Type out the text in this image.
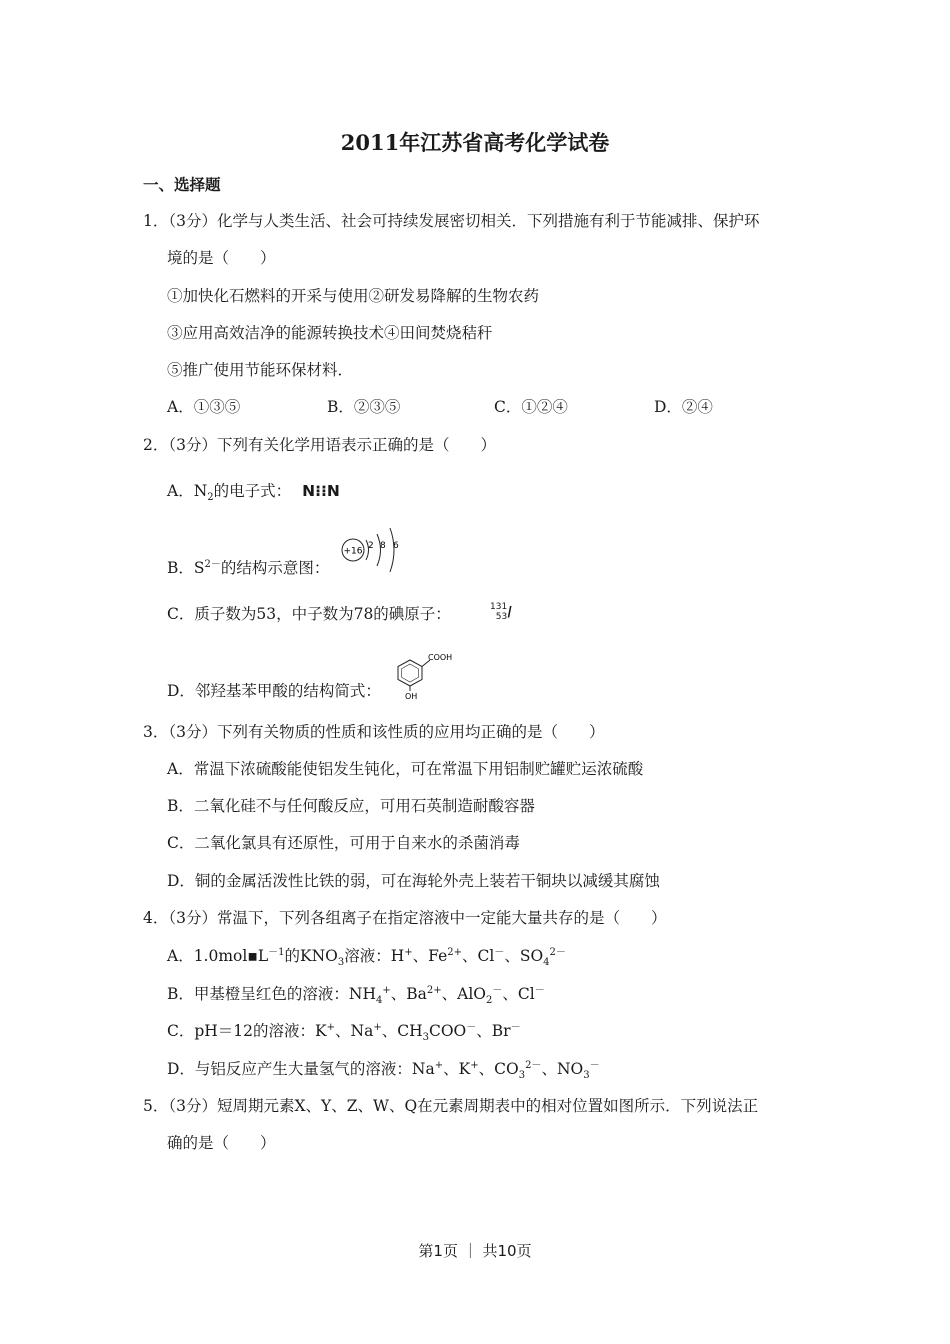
2011年江苏省高考化学试卷
一、选择题
1．（3分）化学与人类生活、社会可持续发展密切相关．下列措施有利于节能减排、保护环
境的是（　　）
①加快化石燃料的开采与使用②研发易降解的生物农药
③应用高效洁净的能源转换技术④田间焚烧秸秆
⑤推广使用节能环保材料．
A．①③⑤	B．②③⑤	C．①②④	D．②④
2．（3分）下列有关化学用语表示正确的是（　　）
A．$N_2$的电子式： N⁝⁝N
B．$S^{2-}$的结构示意图：
+16
2 8 6
C．质子数为53，中子数为78的碘原子：	131
53 I
D．邻羟基苯甲酸的结构简式：
COOH
OH
3．（3分）下列有关物质的性质和该性质的应用均正确的是（　　）
A．常温下浓硫酸能使铝发生钝化，可在常温下用铝制贮罐贮运浓硫酸
B．二氧化硅不与任何酸反应，可用石英制造耐酸容器
C．二氧化氯具有还原性，可用于自来水的杀菌消毒
D．铜的金属活泼性比铁的弱，可在海轮外壳上装若干铜块以减缓其腐蚀
4．（3分）常温下，下列各组离子在指定溶液中一定能大量共存的是（　　）
A．$1.0mol▪L^{-1}$的$KNO_3$溶液：H+、$Fe^{2+}$、Cl－、$SO_4^{2-}$
B．甲基橙呈红色的溶液：$NH_4^+$、$Ba^{2+}$、AlO$_2$－、Cl－
C．pH＝12的溶液：K+、Na+、$CH_3COO^-$、Br－
D．与铝反应产生大量氢气的溶液：Na+、K+、$CO_3^{2-}$、$NO_3^-$
5．（3分）短周期元素X、Y、Z、W、Q在元素周期表中的相对位置如图所示．下列说法正
确的是（　　）
第1页 ｜ 共10页
